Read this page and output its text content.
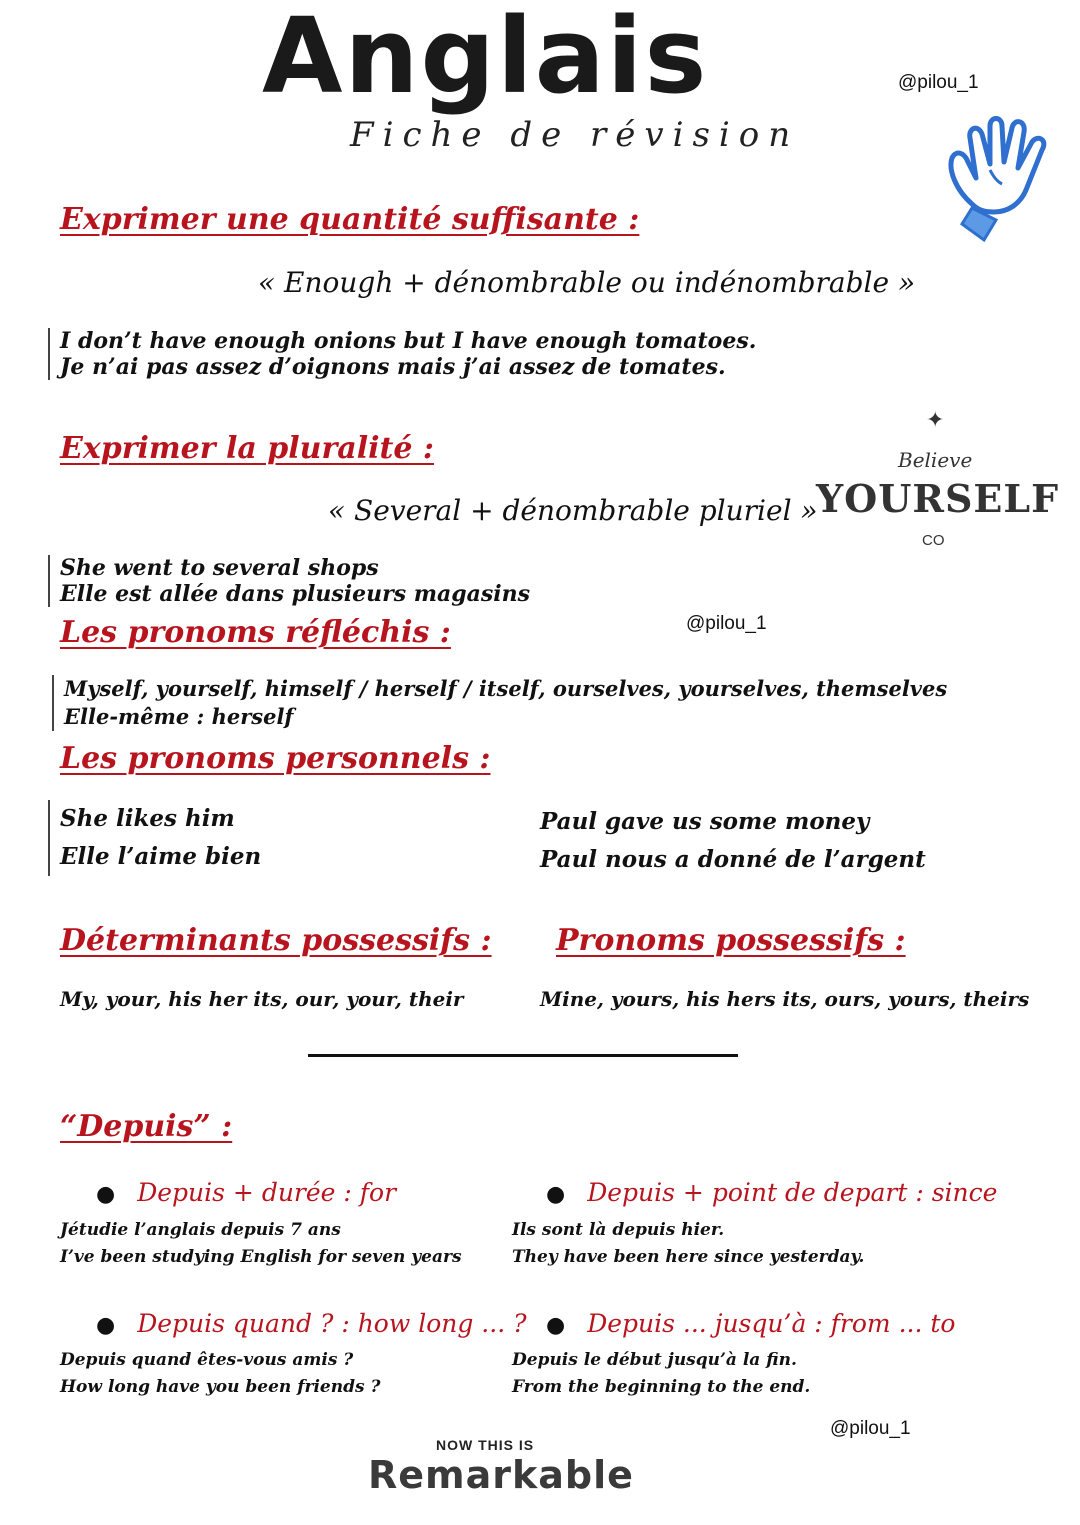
Anglais
Fiche de révision
@pilou_1
Exprimer une quantité suffisante :
« Enough + dénombrable ou indénombrable »
I don’t have enough onions but I have enough tomatoes.
Je n’ai pas assez d’oignons mais j’ai assez de tomates.
✦
Believe
YOURSELF
CO
Exprimer la pluralité :
« Several + dénombrable pluriel »
She went to several shops
Elle est allée dans plusieurs magasins
@pilou_1
Les pronoms réfléchis :
Myself, yourself, himself / herself / itself, ourselves, yourselves, themselves
Elle-même : herself
Les pronoms personnels :
She likes him
Elle l’aime bien
Paul gave us some money
Paul nous a donné de l’argent
Déterminants possessifs : Pronoms possessifs :
My, your, his her its, our, your, their	Mine, yours, his hers its, ours, yours, theirs
“Depuis” :
● Depuis + durée : for
Jétudie l’anglais depuis 7 ans
I’ve been studying English for seven years
● Depuis + point de depart : since
Ils sont là depuis hier.
They have been here since yesterday.
● Depuis quand ? : how long ... ?
Depuis quand êtes-vous amis ?
How long have you been friends ?
● Depuis ... jusqu’à : from ... to
Depuis le début jusqu’à la fin.
From the beginning to the end.
@pilou_1
NOW THIS IS
Remarkable
